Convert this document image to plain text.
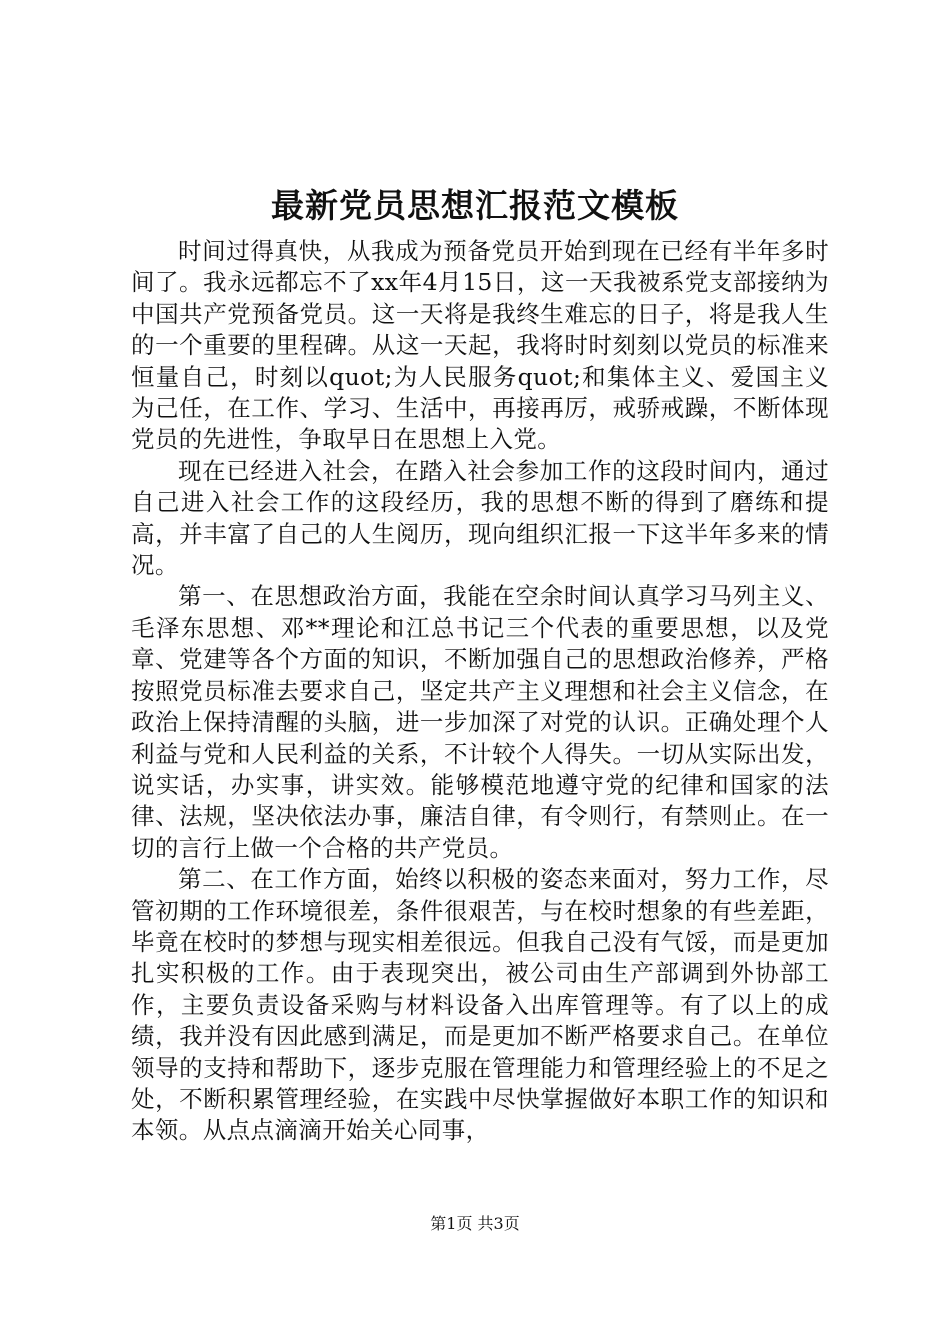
最新党员思想汇报范文模板

时间过得真快，从我成为预备党员开始到现在已经有半年多时间了。我永远都忘不了xx年4月15日，这一天我被系党支部接纳为中国共产党预备党员。这一天将是我终生难忘的日子，将是我人生的一个重要的里程碑。从这一天起，我将时时刻刻以党员的标准来恒量自己，时刻以quot;为人民服务quot;和集体主义、爱国主义为己任，在工作、学习、生活中，再接再厉，戒骄戒躁，不断体现党员的先进性，争取早日在思想上入党。

现在已经进入社会，在踏入社会参加工作的这段时间内，通过自己进入社会工作的这段经历，我的思想不断的得到了磨练和提高，并丰富了自己的人生阅历，现向组织汇报一下这半年多来的情况。

第一、在思想政治方面，我能在空余时间认真学习马列主义、毛泽东思想、邓**理论和江总书记三个代表的重要思想，以及党章、党建等各个方面的知识，不断加强自己的思想政治修养，严格按照党员标准去要求自己，坚定共产主义理想和社会主义信念，在政治上保持清醒的头脑，进一步加深了对党的认识。正确处理个人利益与党和人民利益的关系，不计较个人得失。一切从实际出发，说实话，办实事，讲实效。能够模范地遵守党的纪律和国家的法律、法规，坚决依法办事，廉洁自律，有令则行，有禁则止。在一切的言行上做一个合格的共产党员。

第二、在工作方面，始终以积极的姿态来面对，努力工作，尽管初期的工作环境很差，条件很艰苦，与在校时想象的有些差距，毕竟在校时的梦想与现实相差很远。但我自己没有气馁，而是更加扎实积极的工作。由于表现突出，被公司由生产部调到外协部工作，主要负责设备采购与材料设备入出库管理等。有了以上的成绩，我并没有因此感到满足，而是更加不断严格要求自己。在单位领导的支持和帮助下，逐步克服在管理能力和管理经验上的不足之处，不断积累管理经验，在实践中尽快掌握做好本职工作的知识和本领。从点点滴滴开始关心同事，

第1页 共3页
